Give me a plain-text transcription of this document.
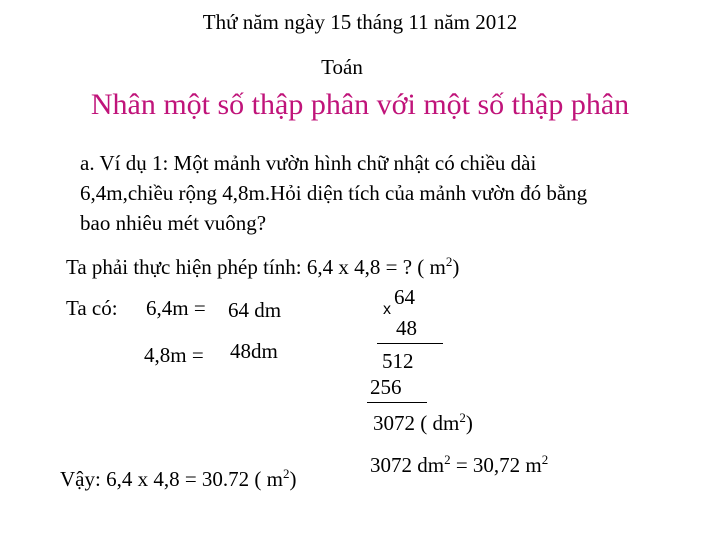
Thứ năm ngày 15 tháng 11 năm 2012
Toán
Nhân một số thập phân với một số thập phân
a. Ví dụ 1: Một mảnh vườn hình chữ nhật có chiều dài
6,4m,chiều rộng 4,8m.Hỏi diện tích của mảnh vườn đó bằng
bao nhiêu mét vuông?
Ta phải thực hiện phép tính: 6,4 x 4,8 = ? ( $m^2$)
Ta có: 6,4m = 64 dm
4,8m = 48dm
x
64
48
512
256
3072 ( $dm^2$)
Vậy: 6,4 x 4,8 = 30.72 ( $m^2$)
3072 $dm^2 = 30,72$ $m^2$
